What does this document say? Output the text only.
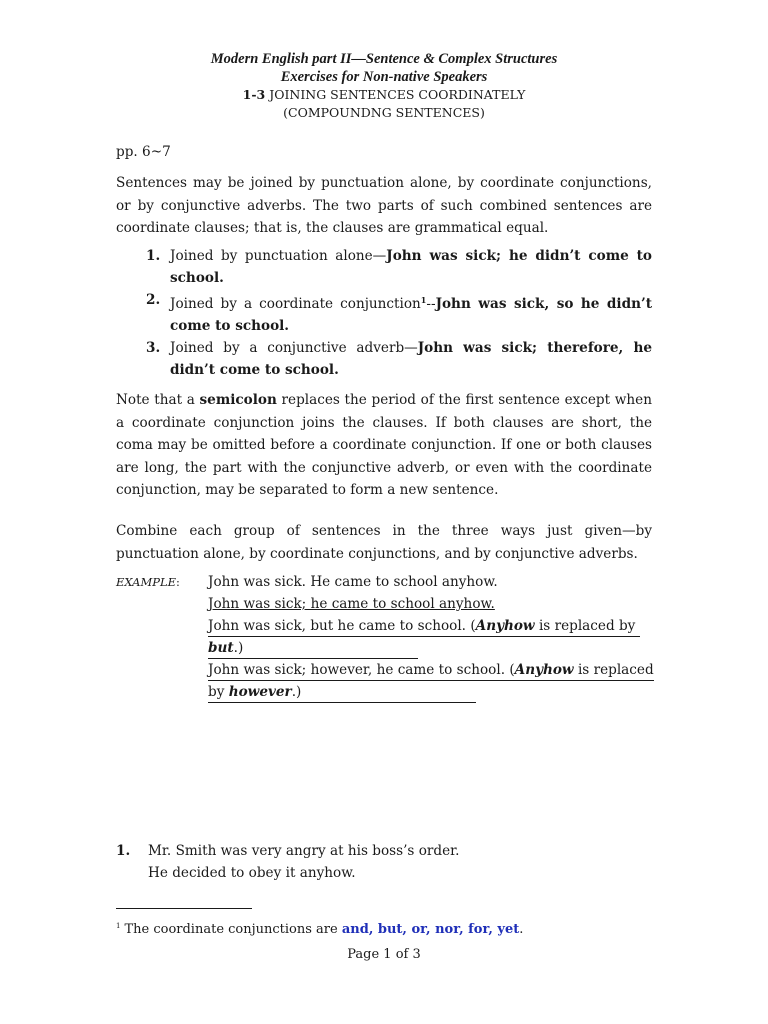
Modern English part II—Sentence & Complex Structures
Exercises for Non-native Speakers
1-3 JOINING SENTENCES COORDINATELY
(COMPOUNDNG SENTENCES)
pp. 6~7
Sentences may be joined by punctuation alone, by coordinate conjunctions, or by conjunctive adverbs. The two parts of such combined sentences are coordinate clauses; that is, the clauses are grammatical equal.
1. Joined by punctuation alone—John was sick; he didn’t come to school.
2. Joined by a coordinate conjunction$^1$--John was sick, so he didn’t come to school.
3. Joined by a conjunctive adverb—John was sick; therefore, he didn’t come to school.
Note that a semicolon replaces the period of the first sentence except when a coordinate conjunction joins the clauses. If both clauses are short, the coma may be omitted before a coordinate conjunction. If one or both clauses are long, the part with the conjunctive adverb, or even with the coordinate conjunction, may be separated to form a new sentence.
Combine each group of sentences in the three ways just given—by punctuation alone, by coordinate conjunctions, and by conjunctive adverbs.
EXAMPLE: John was sick. He came to school anyhow.
John was sick; he came to school anyhow.
John was sick, but he came to school. (Anyhow is replaced by
but.)
John was sick; however, he came to school. (Anyhow is replaced
by however.)
1. Mr. Smith was very angry at his boss’s order.
He decided to obey it anyhow.
$^1$ The coordinate conjunctions are and, but, or, nor, for, yet.
Page 1 of 3
